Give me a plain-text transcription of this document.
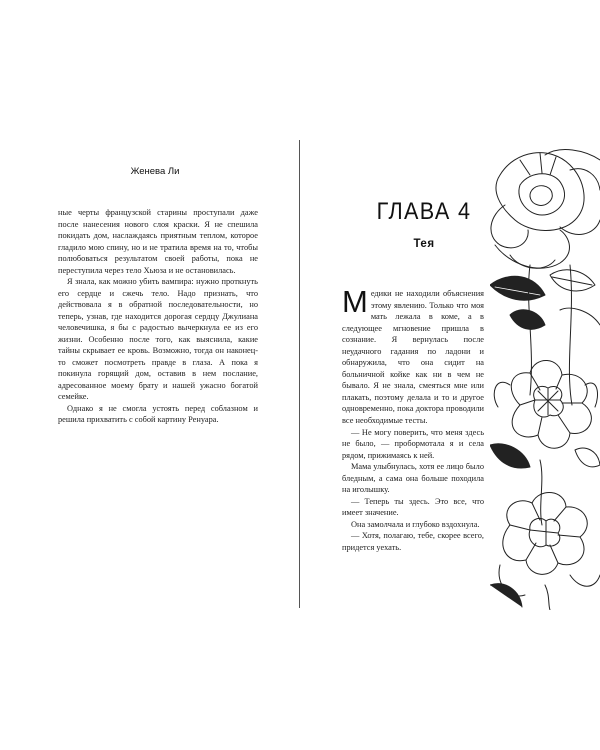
Женева Ли

ные черты французской старины проступали даже после нанесения нового слоя краски. Я не спешила покидать дом, наслаждаясь приятным теплом, которое гладило мою спину, но и не тратила время на то, чтобы полюбоваться результатом своей работы, пока не переступила через тело Хьюза и не остановилась.

Я знала, как можно убить вампира: нужно проткнуть его сердце и сжечь тело. Надо признать, что действовала я в обратной последовательности, но теперь, узнав, где находится дорогая сердцу Джулиана человечишка, я бы с радостью вычеркнула ее из его жизни. Особенно после того, как выяснила, какие тайны скрывает ее кровь. Возможно, тогда он наконец-то сможет посмотреть правде в глаза. А пока я покинула горящий дом, оставив в нем послание, адресованное моему брату и нашей ужасно богатой семейке.

Однако я не смогла устоять перед соблазном и решила прихватить с собой картину Ренуара.

ГЛАВА 4
Тея

Медики не находили объяснения этому явлению. Только что моя мать лежала в коме, а в следующее мгновение пришла в сознание. Я вернулась после неудачного гадания по ладони и обнаружила, что она сидит на больничной койке как ни в чем не бывало. Я не знала, смеяться мне или плакать, поэтому делала и то и другое одновременно, пока доктора проводили все необходимые тесты.

— Не могу поверить, что меня здесь не было, — пробормотала я и села рядом, прижимаясь к ней.

Мама улыбнулась, хотя ее лицо было бледным, а сама она больше походила на иголышку.

— Теперь ты здесь. Это все, что имеет значение.

Она замолчала и глубоко вздохнула.

— Хотя, полагаю, тебе, скорее всего, придется уехать.
